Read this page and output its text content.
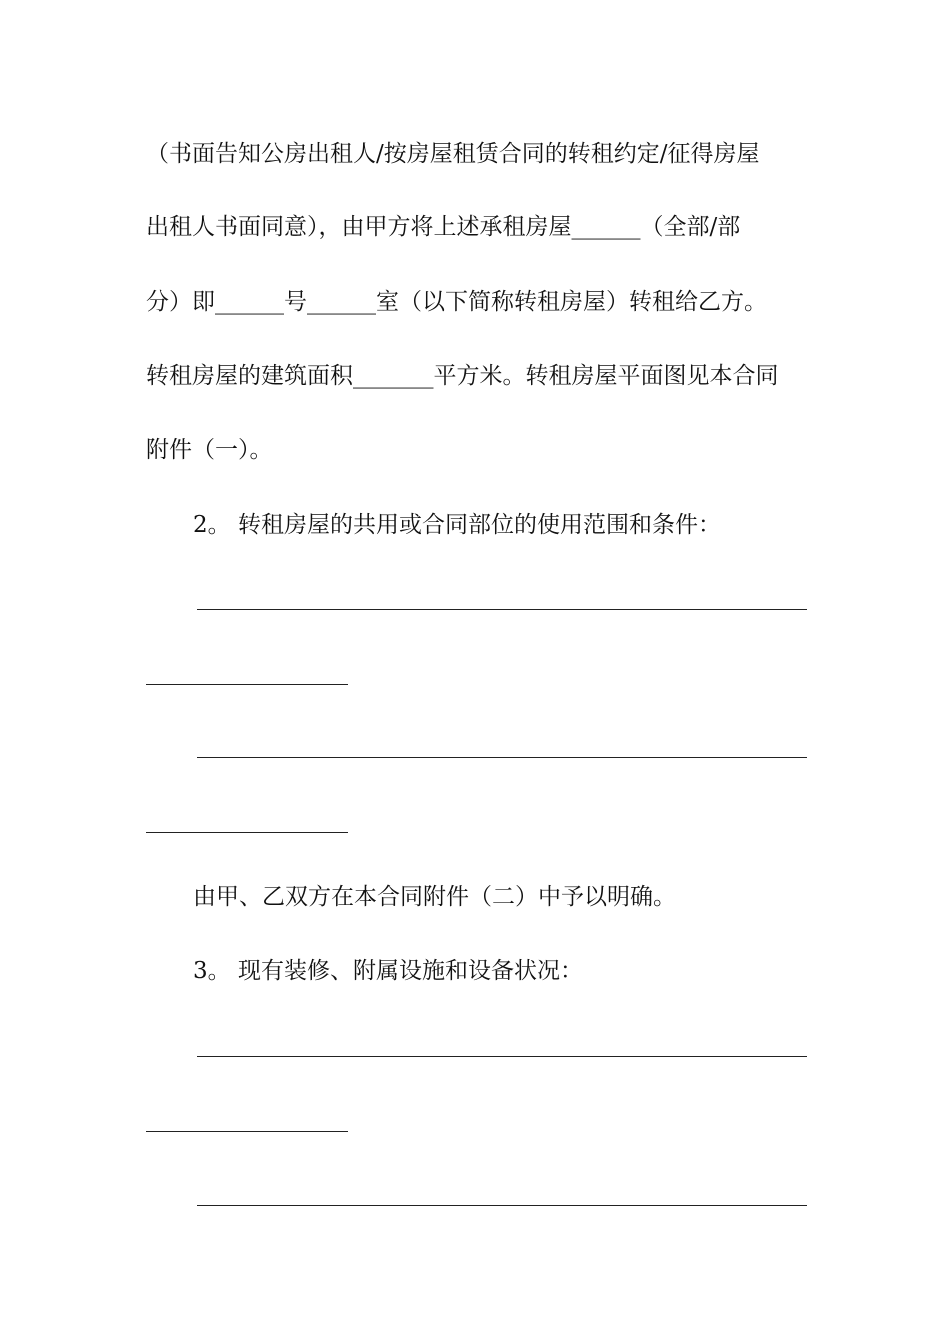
（书面告知公房出租人/按房屋租赁合同的转租约定/征得房屋
出租人书面同意），由甲方将上述承租房屋______（全部/部
分）即______号______室（以下简称转租房屋）转租给乙方。
转租房屋的建筑面积_______平方米。转租房屋平面图见本合同
附件（一）。
2。 转租房屋的共用或合同部位的使用范围和条件：
由甲、乙双方在本合同附件（二）中予以明确。
3。 现有装修、附属设施和设备状况：
